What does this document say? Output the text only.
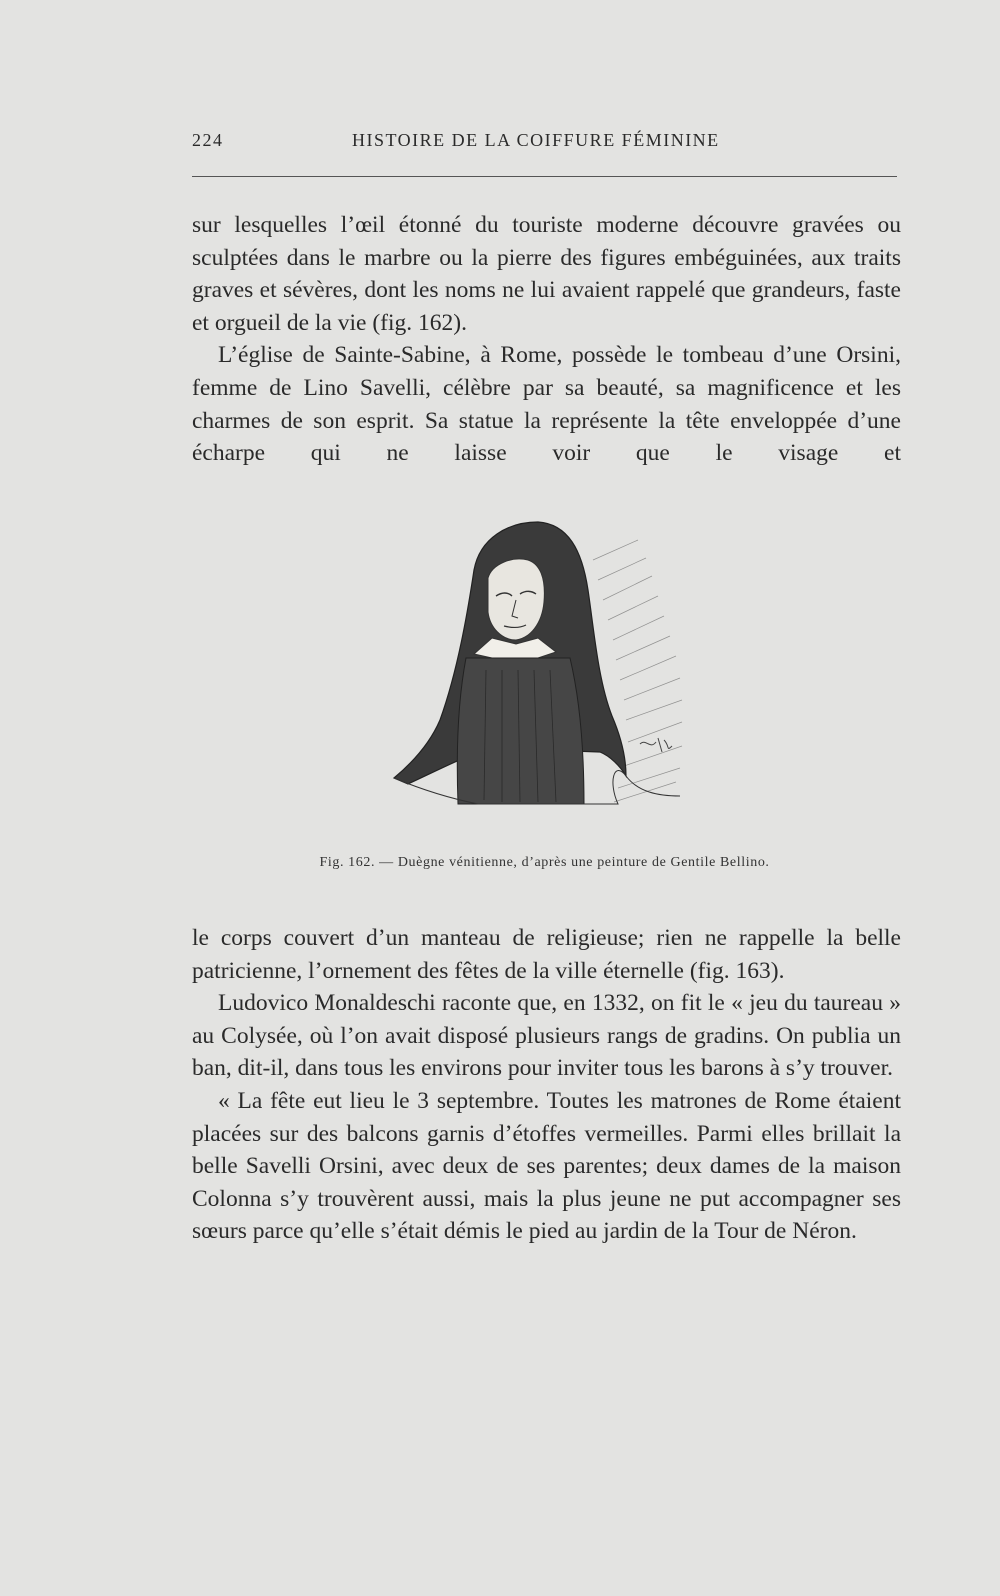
224	HISTOIRE DE LA COIFFURE FÉMININE

sur lesquelles l’œil étonné du touriste moderne découvre gravées ou sculptées dans le marbre ou la pierre des figures embéguinées, aux traits graves et sévères, dont les noms ne lui avaient rappelé que grandeurs, faste et orgueil de la vie (fig. 162).

L’église de Sainte-Sabine, à Rome, possède le tombeau d’une Orsini, femme de Lino Savelli, célèbre par sa beauté, sa magnificence et les charmes de son esprit. Sa statue la représente la tête enveloppée d’une écharpe qui ne laisse voir que le visage et

Fig. 162. — Duègne vénitienne, d’après une peinture de Gentile Bellino.

le corps couvert d’un manteau de religieuse; rien ne rappelle la belle patricienne, l’ornement des fêtes de la ville éternelle (fig. 163).

Ludovico Monaldeschi raconte que, en 1332, on fit le « jeu du taureau » au Colysée, où l’on avait disposé plusieurs rangs de gradins. On publia un ban, dit-il, dans tous les environs pour inviter tous les barons à s’y trouver.

« La fête eut lieu le 3 septembre. Toutes les matrones de Rome étaient placées sur des balcons garnis d’étoffes vermeilles. Parmi elles brillait la belle Savelli Orsini, avec deux de ses parentes; deux dames de la maison Colonna s’y trouvèrent aussi, mais la plus jeune ne put accompagner ses sœurs parce qu’elle s’était démis le pied au jardin de la Tour de Néron.
